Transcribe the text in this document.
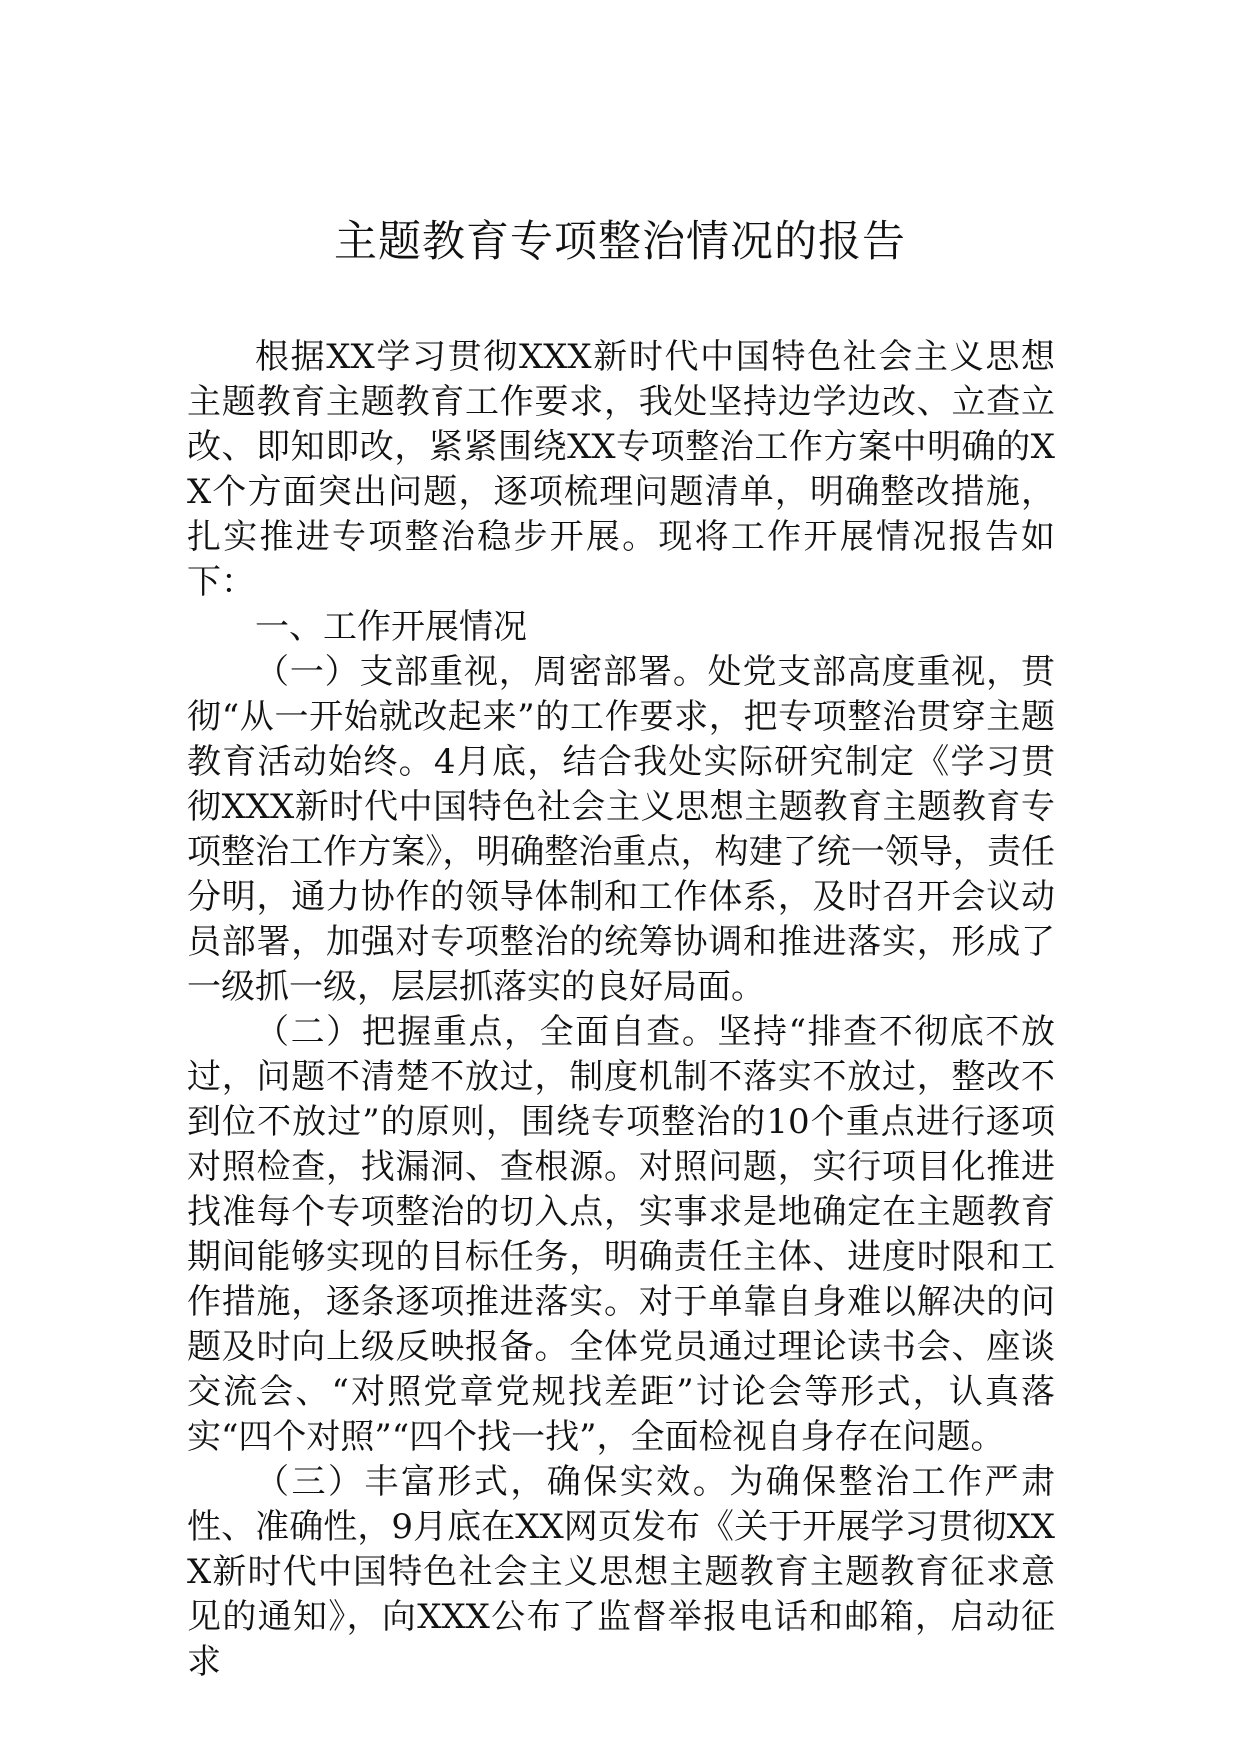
主题教育专项整治情况的报告

根据XX学习贯彻XXX新时代中国特色社会主义思想主题教育主题教育工作要求，我处坚持边学边改、立查立改、即知即改，紧紧围绕XX专项整治工作方案中明确的XX个方面突出问题，逐项梳理问题清单，明确整改措施，扎实推进专项整治稳步开展。现将工作开展情况报告如下：

一、工作开展情况

（一）支部重视，周密部署。处党支部高度重视，贯彻“从一开始就改起来”的工作要求，把专项整治贯穿主题教育活动始终。4月底，结合我处实际研究制定《学习贯彻XXX新时代中国特色社会主义思想主题教育主题教育专项整治工作方案》，明确整治重点，构建了统一领导，责任分明，通力协作的领导体制和工作体系，及时召开会议动员部署，加强对专项整治的统筹协调和推进落实，形成了一级抓一级，层层抓落实的良好局面。

（二）把握重点，全面自查。坚持“排查不彻底不放过，问题不清楚不放过，制度机制不落实不放过，整改不到位不放过”的原则，围绕专项整治的10个重点进行逐项对照检查，找漏洞、查根源。对照问题，实行项目化推进找准每个专项整治的切入点，实事求是地确定在主题教育期间能够实现的目标任务，明确责任主体、进度时限和工作措施，逐条逐项推进落实。对于单靠自身难以解决的问题及时向上级反映报备。全体党员通过理论读书会、座谈交流会、“对照党章党规找差距”讨论会等形式，认真落实“四个对照”“四个找一找”，全面检视自身存在问题。

（三）丰富形式，确保实效。为确保整治工作严肃性、准确性，9月底在XX网页发布《关于开展学习贯彻XXX新时代中国特色社会主义思想主题教育主题教育征求意见的通知》，向XXX公布了监督举报电话和邮箱，启动征求
